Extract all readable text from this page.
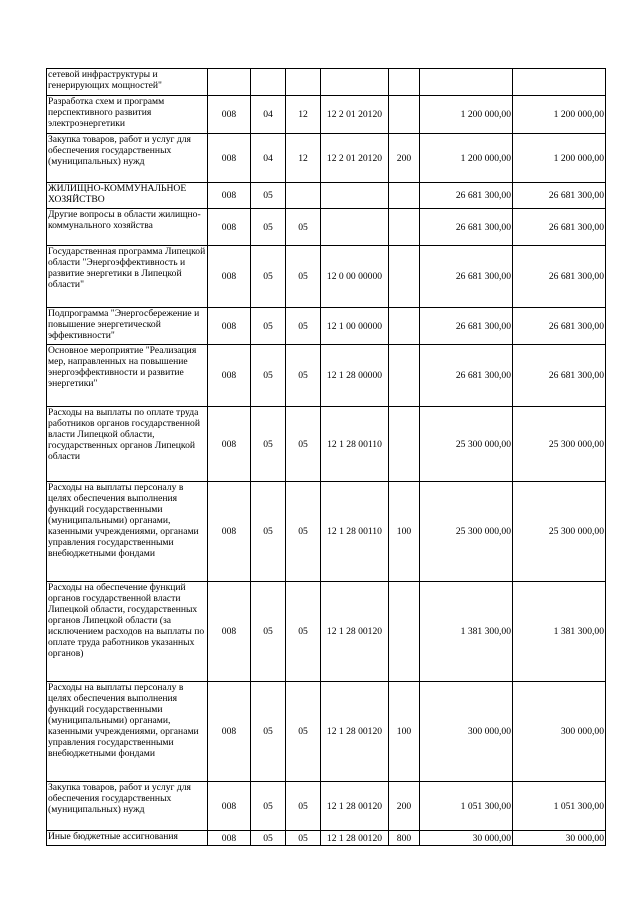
сетевой инфраструктуры и генерирующих мощностей"							
Разработка схем и программ перспективного развития электроэнергетики	008	04	12	12 2 01 20120		1 200 000,00	1 200 000,00
Закупка товаров, работ и услуг для обеспечения государственных (муниципальных) нужд	008	04	12	12 2 01 20120	200	1 200 000,00	1 200 000,00
ЖИЛИЩНО-КОММУНАЛЬНОЕ ХОЗЯЙСТВО	008	05				26 681 300,00	26 681 300,00
Другие вопросы в области жилищно-коммунального хозяйства	008	05	05			26 681 300,00	26 681 300,00
Государственная программа Липецкой области "Энергоэффективность и развитие энергетики в Липецкой области"	008	05	05	12 0 00 00000		26 681 300,00	26 681 300,00
Подпрограмма "Энергосбережение и повышение энергетической эффективности"	008	05	05	12 1 00 00000		26 681 300,00	26 681 300,00
Основное мероприятие "Реализация мер, направленных на повышение энергоэффективности и развитие энергетики"	008	05	05	12 1 28 00000		26 681 300,00	26 681 300,00
Расходы на выплаты по оплате труда работников органов государственной власти Липецкой области, государственных органов Липецкой области	008	05	05	12 1 28 00110		25 300 000,00	25 300 000,00
Расходы на выплаты персоналу в целях обеспечения выполнения функций государственными (муниципальными) органами, казенными учреждениями, органами управления государственными внебюджетными фондами	008	05	05	12 1 28 00110	100	25 300 000,00	25 300 000,00
Расходы на обеспечение функций органов государственной власти Липецкой области, государственных органов Липецкой области (за исключением расходов на выплаты по оплате труда работников указанных органов)	008	05	05	12 1 28 00120		1 381 300,00	1 381 300,00
Расходы на выплаты персоналу в целях обеспечения выполнения функций государственными (муниципальными) органами, казенными учреждениями, органами управления государственными внебюджетными фондами	008	05	05	12 1 28 00120	100	300 000,00	300 000,00
Закупка товаров, работ и услуг для обеспечения государственных (муниципальных) нужд	008	05	05	12 1 28 00120	200	1 051 300,00	1 051 300,00
Иные бюджетные ассигнования	008	05	05	12 1 28 00120	800	30 000,00	30 000,00
